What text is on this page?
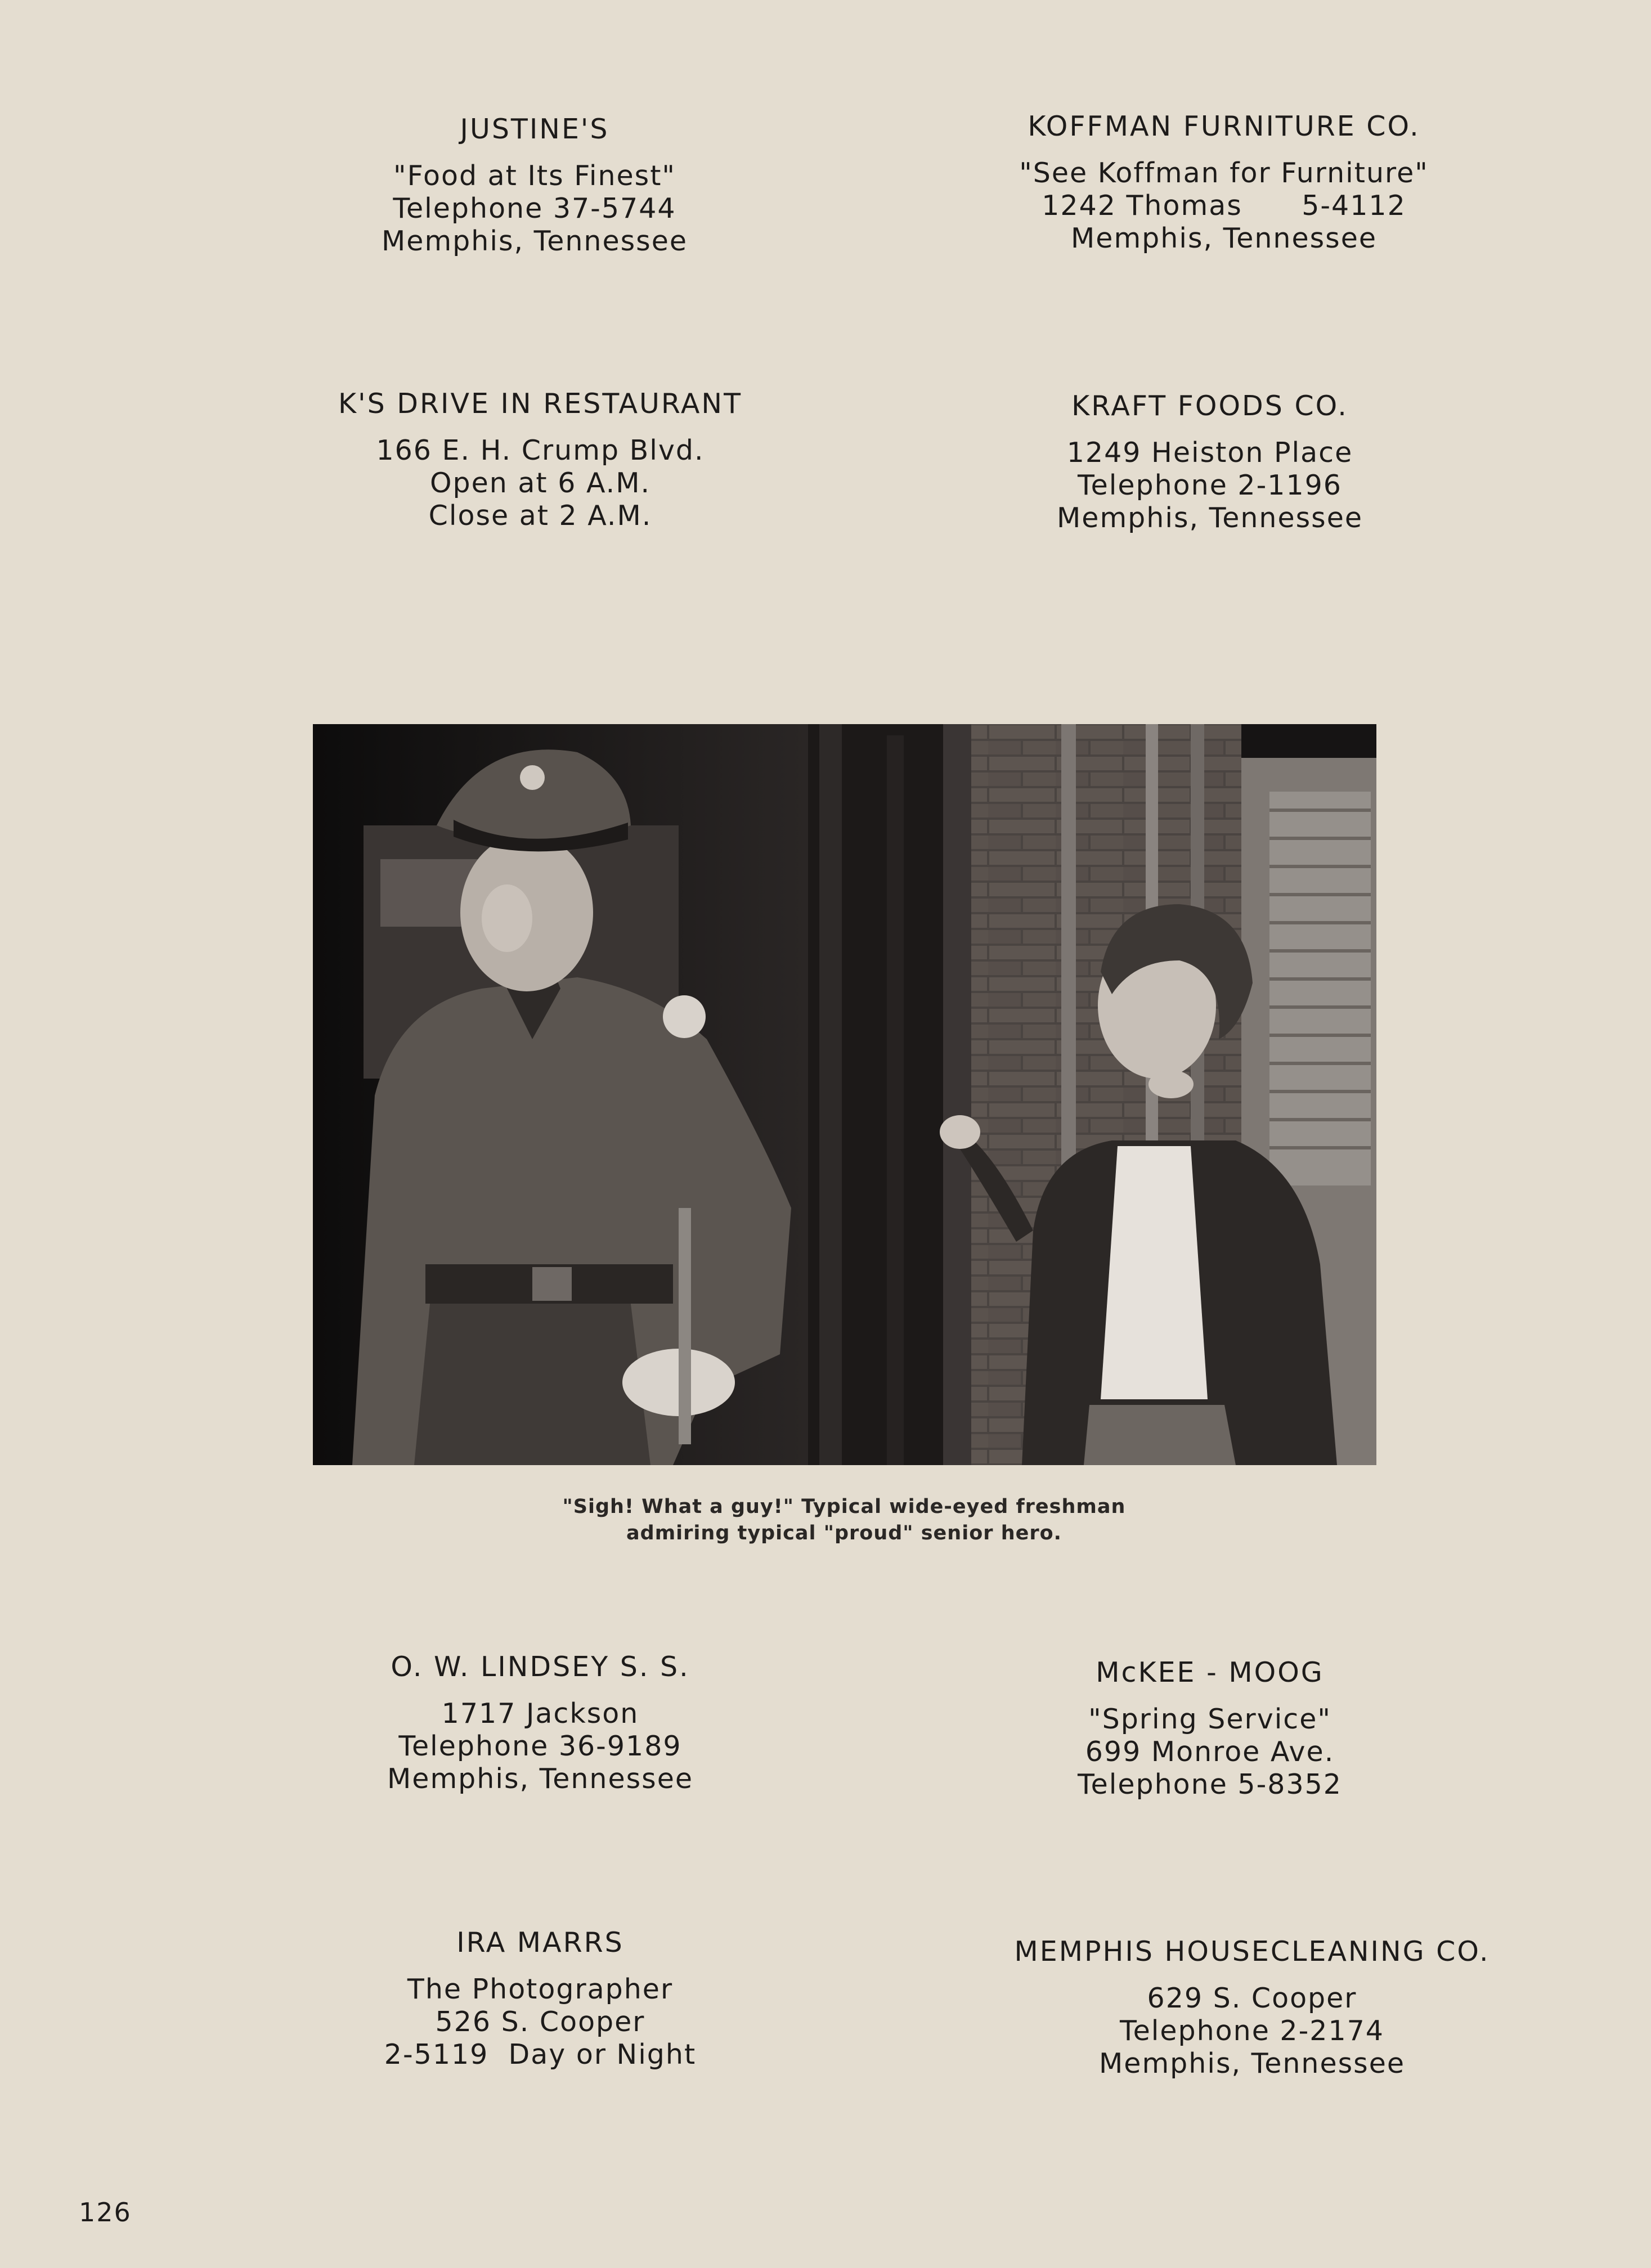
JUSTINE'S
"Food at Its Finest"
Telephone 37-5744
Memphis, Tennessee
KOFFMAN FURNITURE CO.
"See Koffman for Furniture"
1242 Thomas      5-4112
Memphis, Tennessee
K'S DRIVE IN RESTAURANT
166 E. H. Crump Blvd.
Open at 6 A.M.
Close at 2 A.M.
KRAFT FOODS CO.
1249 Heiston Place
Telephone 2-1196
Memphis, Tennessee
"Sigh! What a guy!" Typical wide-eyed freshman
admiring typical "proud" senior hero.
O. W. LINDSEY S. S.
1717 Jackson
Telephone 36-9189
Memphis, Tennessee
McKEE - MOOG
"Spring Service"
699 Monroe Ave.
Telephone 5-8352
IRA MARRS
The Photographer
526 S. Cooper
2-5119  Day or Night
MEMPHIS HOUSECLEANING CO.
629 S. Cooper
Telephone 2-2174
Memphis, Tennessee
126
